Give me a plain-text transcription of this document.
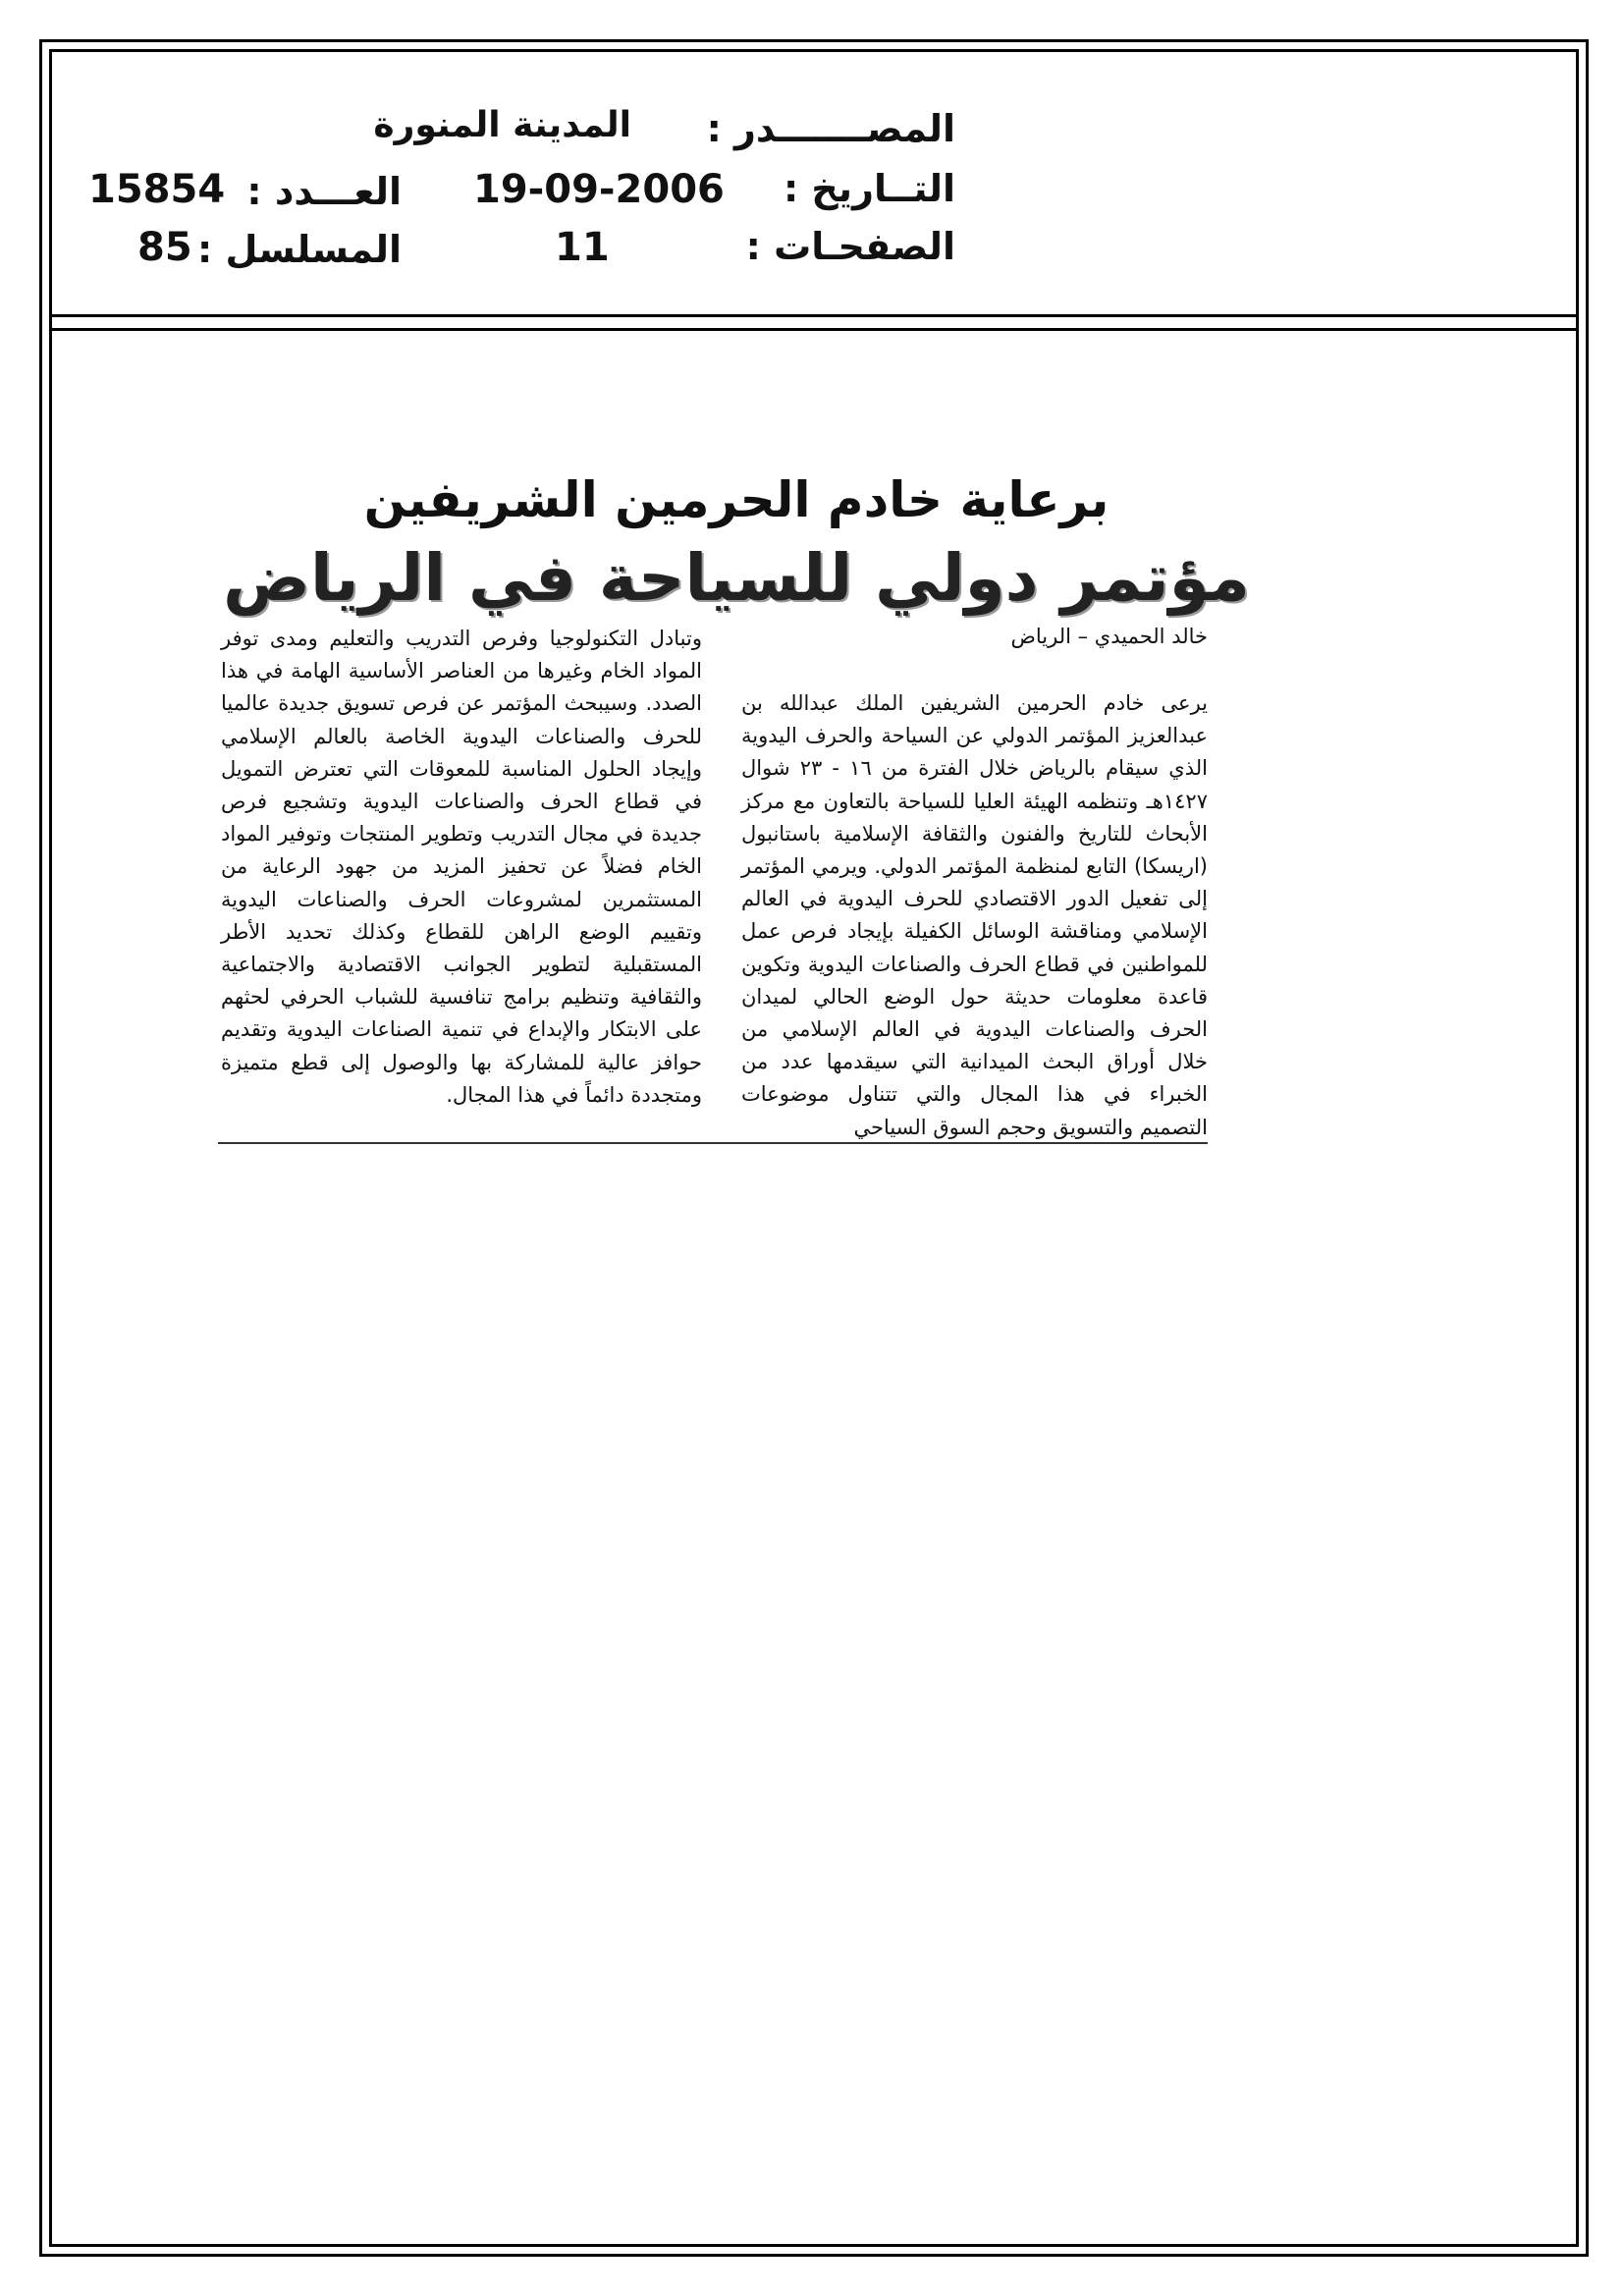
المصـــــــدر :
المدينة المنورة
التــاريخ :
19-09-2006
العـــدد :
15854
الصفحـات :
11
المسلسل :
85
برعاية خادم الحرمين الشريفين
مؤتمر دولي للسياحة في الرياض
خالد الحميدي – الرياض
يرعى خادم الحرمين الشريفين الملك عبدالله بن عبدالعزيز المؤتمر الدولي عن السياحة والحرف اليدوية الذي سيقام بالرياض خلال الفترة من ١٦ - ٢٣ شوال ١٤٢٧هـ وتنظمه الهيئة العليا للسياحة بالتعاون مع مركز الأبحاث للتاريخ والفنون والثقافة الإسلامية باستانبول (اريسكا) التابع لمنظمة المؤتمر الدولي. ويرمي المؤتمر إلى تفعيل الدور الاقتصادي للحرف اليدوية في العالم الإسلامي ومناقشة الوسائل الكفيلة بإيجاد فرص عمل للمواطنين في قطاع الحرف والصناعات اليدوية وتكوين قاعدة معلومات حديثة حول الوضع الحالي لميدان الحرف والصناعات اليدوية في العالم الإسلامي من خلال أوراق البحث الميدانية التي سيقدمها عدد من الخبراء في هذا المجال والتي تتناول موضوعات التصميم والتسويق وحجم السوق السياحي
وتبادل التكنولوجيا وفرص التدريب والتعليم ومدى توفر المواد الخام وغيرها من العناصر الأساسية الهامة في هذا الصدد. وسيبحث المؤتمر عن فرص تسويق جديدة عالميا للحرف والصناعات اليدوية الخاصة بالعالم الإسلامي وإيجاد الحلول المناسبة للمعوقات التي تعترض التمويل في قطاع الحرف والصناعات اليدوية وتشجيع فرص جديدة في مجال التدريب وتطوير المنتجات وتوفير المواد الخام فضلاً عن تحفيز المزيد من جهود الرعاية من المستثمرين لمشروعات الحرف والصناعات اليدوية وتقييم الوضع الراهن للقطاع وكذلك تحديد الأطر المستقبلية لتطوير الجوانب الاقتصادية والاجتماعية والثقافية وتنظيم برامج تنافسية للشباب الحرفي لحثهم على الابتكار والإبداع في تنمية الصناعات اليدوية وتقديم حوافز عالية للمشاركة بها والوصول إلى قطع متميزة ومتجددة دائماً في هذا المجال.
